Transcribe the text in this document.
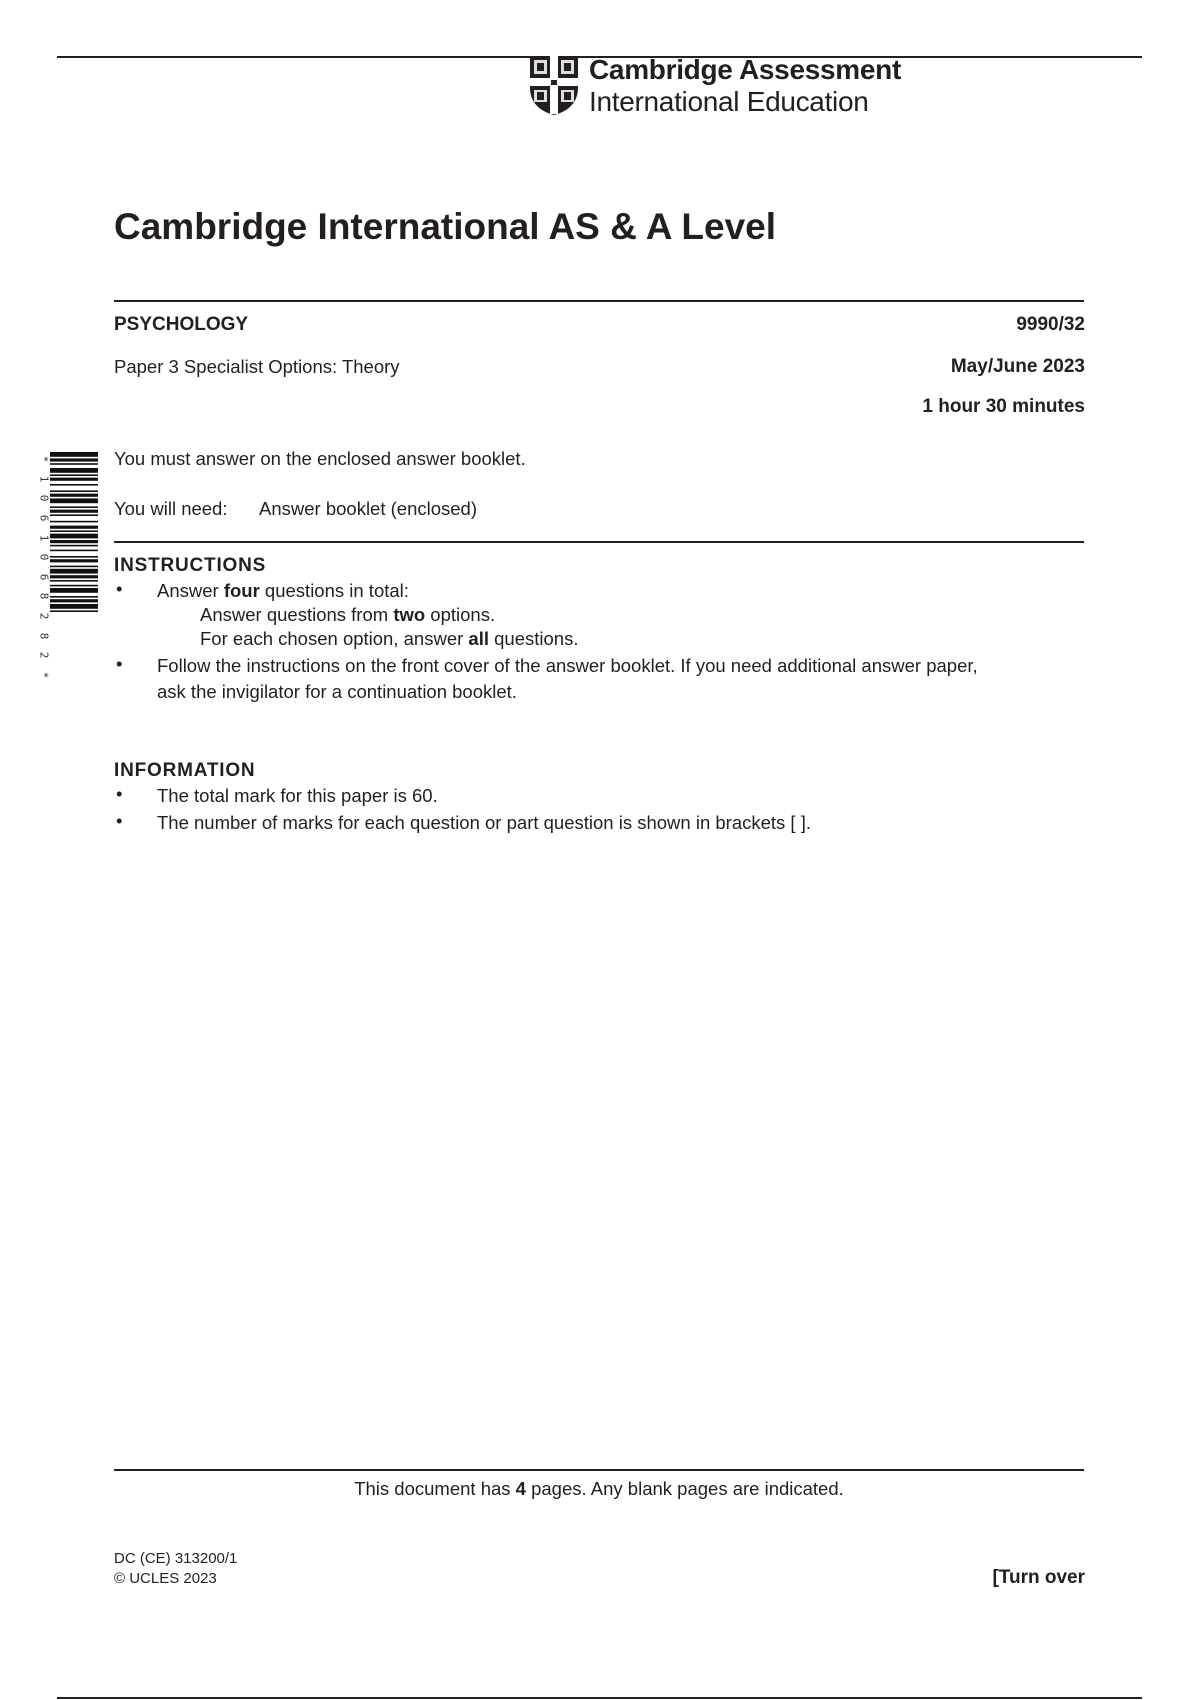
Cambridge Assessment
International Education
Cambridge International AS & A Level
PSYCHOLOGY	9990/32
Paper 3 Specialist Options: Theory	May/June 2023
1 hour 30 minutes
*
1
0
6
1
0
6
8
2
8
2
*
You must answer on the enclosed answer booklet.
You will need: Answer booklet (enclosed)
INSTRUCTIONS
• Answer four questions in total:
Answer questions from two options.
For each chosen option, answer all questions.
• Follow the instructions on the front cover of the answer booklet. If you need additional answer paper,
ask the invigilator for a continuation booklet.
INFORMATION
• The total mark for this paper is 60.
• The number of marks for each question or part question is shown in brackets [ ].
This document has 4 pages. Any blank pages are indicated.
DC (CE) 313200/1
© UCLES 2023	[Turn over
